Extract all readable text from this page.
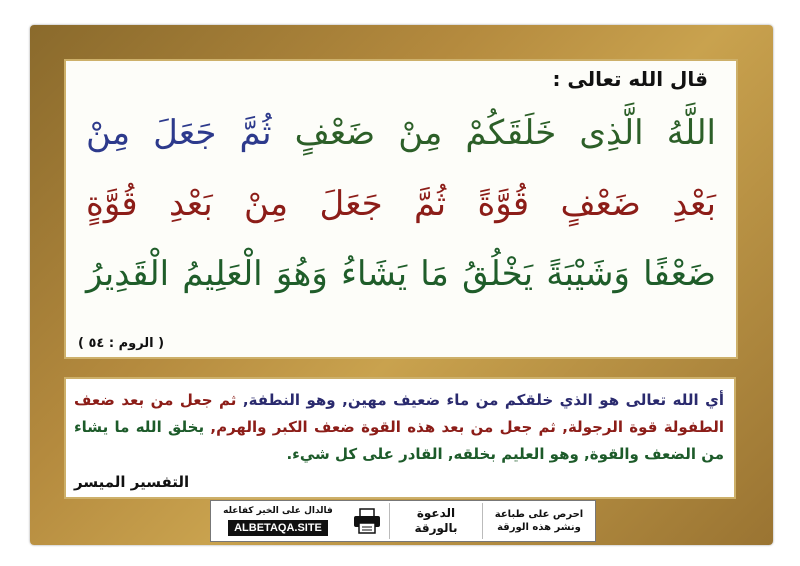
قال الله تعالى :

اللَّهُ الَّذِى خَلَقَكُمْ مِنْ ضَعْفٍ ثُمَّ جَعَلَ مِنْ

بَعْدِ ضَعْفٍ قُوَّةً ثُمَّ جَعَلَ مِنْ بَعْدِ قُوَّةٍ

ضَعْفًا وَشَيْبَةً يَخْلُقُ مَا يَشَاءُ وَهُوَ الْعَلِيمُ الْقَدِيرُ

( الروم : ٥٤ )

أي الله تعالى هو الذي خلقكم من ماء ضعيف مهين, وهو النطفة, ثم جعل من بعد ضعف الطفولة قوة الرجولة, ثم جعل من بعد هذه القوة ضعف الكبر والهرم, يخلق الله ما يشاء من الضعف والقوة, وهو العليم بخلقه, القادر على كل شيء.

التفسير الميسر

احرص على طباعة
ونشر هذه الورقة
الدعوة
بالورقة
فالدال على الخير كفاعله
ALBETAQA.SITE
